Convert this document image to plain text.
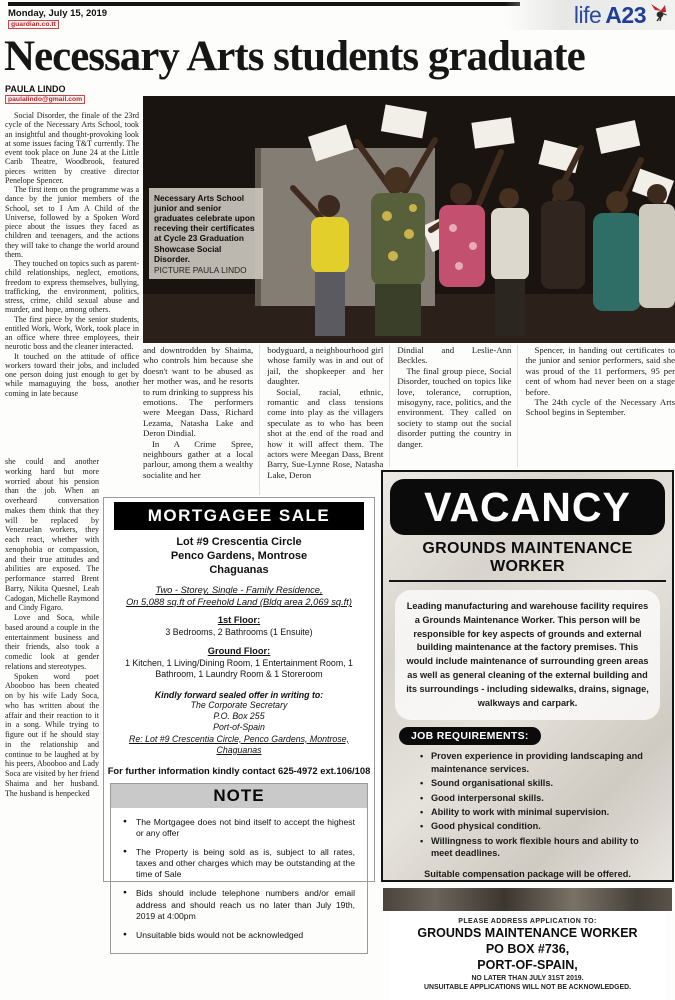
Monday, July 15, 2019
guardian.co.tt	life A23
Necessary Arts students graduate
PAULA LINDO
paulalindo@gmail.com
Necessary Arts School junior and senior graduates celebrate upon receving their certificates at Cycle 23 Graduation Showcase Social Disorder.
PICTURE PAULA LINDO

Social Disorder, the finale of the 23rd cycle of the Necessary Arts School, took an insightful and thought-provoking look at some issues facing T&T currently. The event took place on June 24 at the Little Carib Theatre, Woodbrook, featured pieces written by creative director Penelope Spencer.

The first item on the programme was a dance by the junior members of the School, set to I Am A Child of the Universe, followed by a Spoken Word piece about the issues they faced as children and teenagers, and the actions they will take to change the world around them.

They touched on topics such as parent-child relationships, neglect, emotions, freedom to express themselves, bullying, trafficking, the environment, politics, stress, crime, child sexual abuse and murder, and hope, among others.

The first piece by the senior students, entitled Work, Work, Work, took place in an office where three employees, their neurotic boss and the cleaner interacted.

It touched on the attitude of office workers toward their jobs, and included one person doing just enough to get by while mamaguying the boss, another coming in late because

she could and another working hard but more worried about his pension than the job. When an overheard conversation makes them think that they will be replaced by Venezuelan workers, they each react, whether with xenophobia or compassion, and their true attitudes and abilities are exposed. The performance starred Brent Barry, Nikita Quesnel, Leah Cadogan, Michelle Raymond and Cindy Figaro.

Love and Soca, while based around a couple in the entertainment business and their friends, also took a comedic look at gender relations and stereotypes.

Spoken word poet Abooboo has been cheated on by his wife Lady Soca, who has written about the affair and their reaction to it in a song. While trying to figure out if he should stay in the relationship and continue to be laughed at by his peers, Abooboo and Lady Soca are visited by her friend Shaima and her husband. The husband is henpecked

and downtrodden by Shaima, who controls him because she doesn't want to be abused as her mother was, and he resorts to rum drinking to suppress his emotions. The performers were Meegan Dass, Richard Lezama, Natasha Lake and Deron Dindial.

In A Crime Spree, neighbours gather at a local parlour, among them a wealthy socialite and her

bodyguard, a neighbourhood girl whose family was in and out of jail, the shopkeeper and her daughter.

Social, racial, ethnic, romantic and class tensions come into play as the villagers speculate as to who has been shot at the end of the road and how it will affect them. The actors were Meegan Dass, Brent Barry, Sue-Lynne Rose, Natasha Lake, Deron

Dindial and Leslie-Ann Beckles.

The final group piece, Social Disorder, touched on topics like love, tolerance, corruption, misogyny, race, politics, and the environment. They called on society to stamp out the social disorder putting the country in danger.

Spencer, in handing out certificates to the junior and senior performers, said she was proud of the 11 performers, 95 per cent of whom had never been on a stage before.

The 24th cycle of the Necessary Arts School begins in September.

MORTGAGEE SALE

Lot #9 Crescentia Circle

Penco Gardens, Montrose

Chaguanas

Two - Storey, Single - Family Residence,

On 5,088 sq.ft of Freehold Land (Bldg area 2,069 sq.ft)

1st Floor:
3 Bedrooms, 2 Bathrooms (1 Ensuite)
Ground Floor:
1 Kitchen, 1 Living/Dining Room, 1 Entertainment Room, 1 Bathroom, 1 Laundry Room & 1 Storeroom
Kindly forward sealed offer in writing to:

The Corporate Secretary

P.O. Box 255

Port-of-Spain

Re: Lot #9 Crescentia Circle, Penco Gardens, Montrose, Chaguanas
For further information kindly contact 625-4972 ext.106/108
NOTE
● The Mortgagee does not bind itself to accept the highest or any offer
● The Property is being sold as is, subject to all rates, taxes and other charges which may be outstanding at the time of Sale
● Bids should include telephone numbers and/or email address and should reach us no later than July 19th, 2019 at 4:00pm
● Unsuitable bids would not be acknowledged
VACANCY
GROUNDS MAINTENANCE WORKER
Leading manufacturing and warehouse facility requires a Grounds Maintenance Worker. This person will be responsible for key aspects of grounds and external building maintenance at the factory premises. This would include maintenance of surrounding green areas as well as general cleaning of the external building and its surroundings - including sidewalks, drains, signage, walkways and carpark.
JOB REQUIREMENTS:
• Proven experience in providing landscaping and maintenance services.
• Sound organisational skills.
• Good interpersonal skills.
• Ability to work with minimal supervision.
• Good physical condition.
• Willingness to work flexible hours and ability to meet deadlines.
Suitable compensation package will be offered.
PLEASE ADDRESS APPLICATION TO:
GROUNDS MAINTENANCE WORKER
PO BOX #736,
PORT-OF-SPAIN,
NO LATER THAN JULY 31ST 2019.
UNSUITABLE APPLICATIONS WILL NOT BE ACKNOWLEDGED.
